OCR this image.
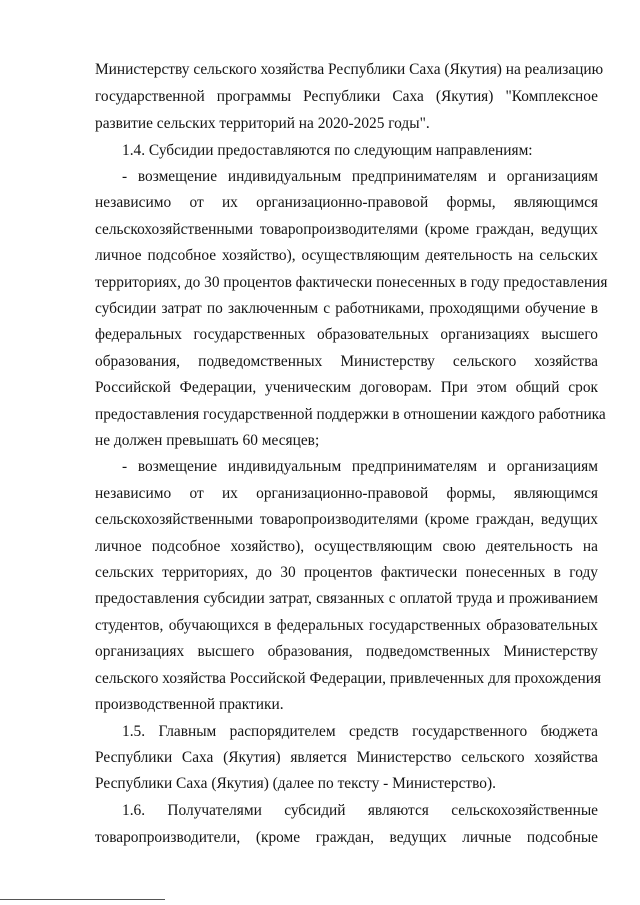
Министерству сельского хозяйства Республики Саха (Якутия) на реализацию
государственной программы Республики Саха (Якутия) "Комплексное
развитие сельских территорий на 2020-2025 годы".
1.4. Субсидии предоставляются по следующим направлениям:
- возмещение индивидуальным предпринимателям и организациям
независимо от их организационно-правовой формы, являющимся
сельскохозяйственными товаропроизводителями (кроме граждан, ведущих
личное подсобное хозяйство), осуществляющим деятельность на сельских
территориях, до 30 процентов фактически понесенных в году предоставления
субсидии затрат по заключенным с работниками, проходящими обучение в
федеральных государственных образовательных организациях высшего
образования, подведомственных Министерству сельского хозяйства
Российской Федерации, ученическим договорам. При этом общий срок
предоставления государственной поддержки в отношении каждого работника
не должен превышать 60 месяцев;
- возмещение индивидуальным предпринимателям и организациям
независимо от их организационно-правовой формы, являющимся
сельскохозяйственными товаропроизводителями (кроме граждан, ведущих
личное подсобное хозяйство), осуществляющим свою деятельность на
сельских территориях, до 30 процентов фактически понесенных в году
предоставления субсидии затрат, связанных с оплатой труда и проживанием
студентов, обучающихся в федеральных государственных образовательных
организациях высшего образования, подведомственных Министерству
сельского хозяйства Российской Федерации, привлеченных для прохождения
производственной практики.
1.5. Главным распорядителем средств государственного бюджета
Республики Саха (Якутия) является Министерство сельского хозяйства
Республики Саха (Якутия) (далее по тексту - Министерство).
1.6. Получателями субсидий являются сельскохозяйственные
товаропроизводители, (кроме граждан, ведущих личные подсобные
